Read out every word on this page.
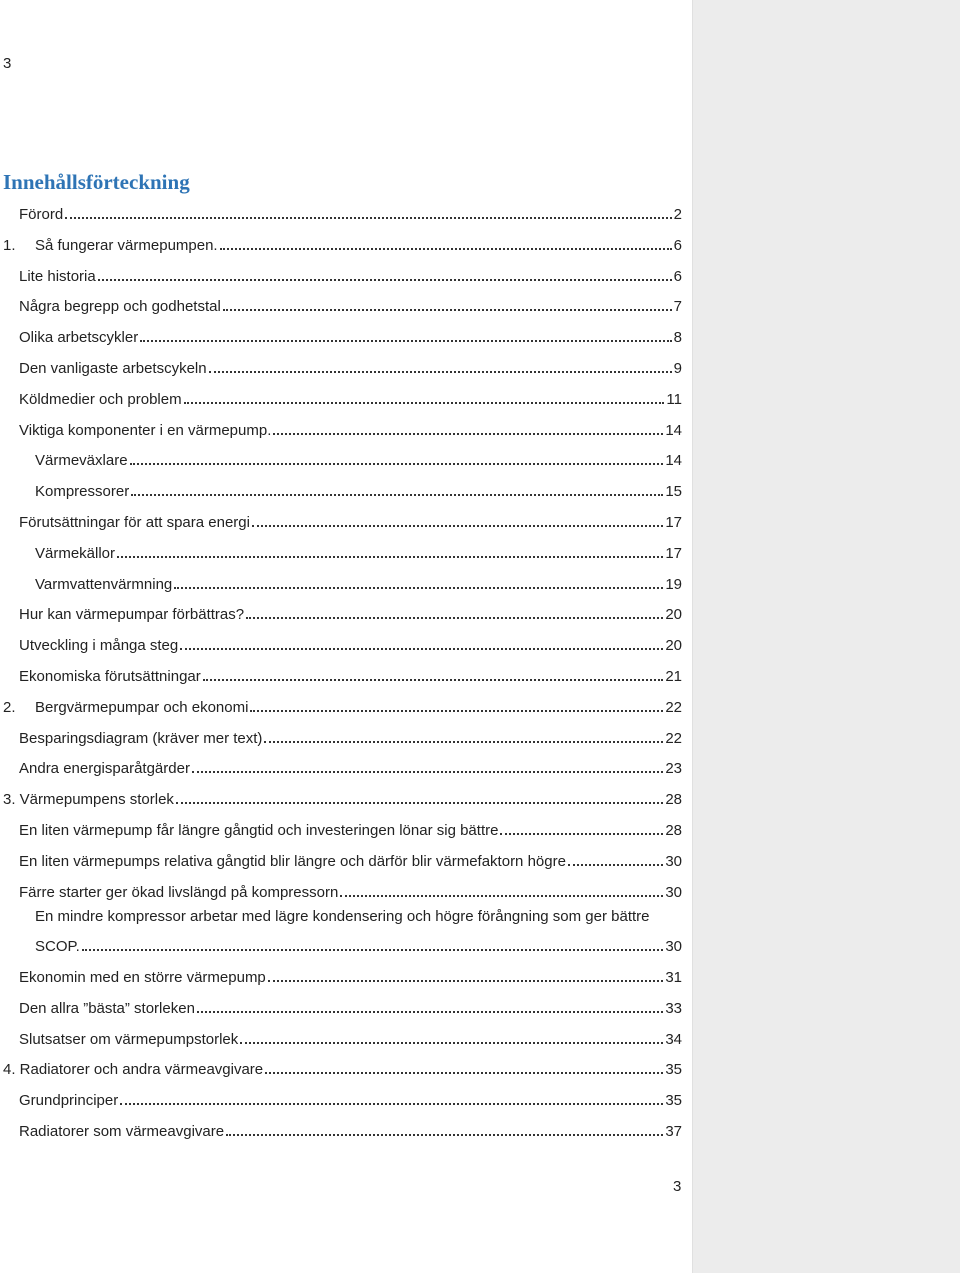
3
Innehållsförteckning
Förord	2
1.	Så fungerar värmepumpen.	6
Lite historia	6
Några begrepp och godhetstal	7
Olika arbetscykler	8
Den vanligaste arbetscykeln	9
Köldmedier och problem	11
Viktiga komponenter i en värmepump.	14
Värmeväxlare	14
Kompressorer	15
Förutsättningar för att spara energi	17
Värmekällor	17
Varmvattenvärmning	19
Hur kan värmepumpar förbättras?	20
Utveckling i många steg	20
Ekonomiska förutsättningar	21
2.	Bergvärmepumpar och ekonomi	22
Besparingsdiagram (kräver mer text)	22
Andra energisparåtgärder	23
3. Värmepumpens storlek	28
En liten värmepump får längre gångtid och investeringen lönar sig bättre	28
En liten värmepumps relativa gångtid blir längre och därför blir värmefaktorn högre	30
Färre starter ger ökad livslängd på kompressorn	30
En mindre kompressor arbetar med lägre kondensering och högre förångning som ger bättre
SCOP.	30
Ekonomin med en större värmepump	31
Den allra ”bästa” storleken	33
Slutsatser om värmepumpstorlek	34
4. Radiatorer och andra värmeavgivare	35
Grundprinciper	35
Radiatorer som värmeavgivare	37
3
